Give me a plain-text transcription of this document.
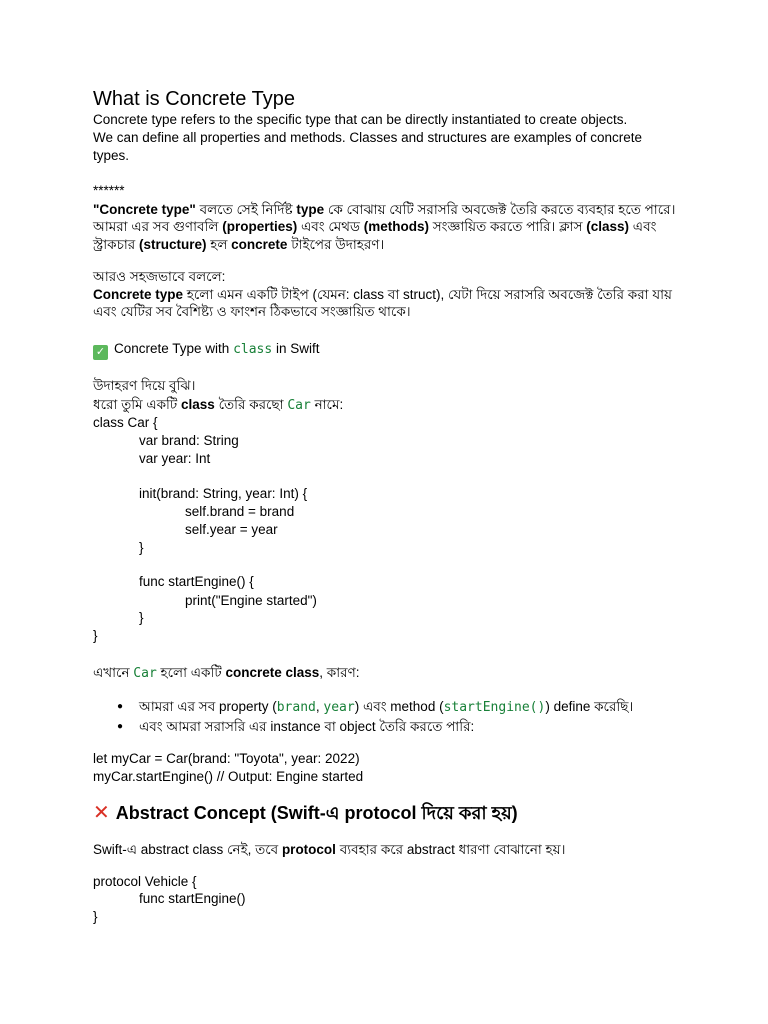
What is Concrete Type
Concrete type refers to the specific type that can be directly instantiated to create objects.
We can define all properties and methods. Classes and structures are examples of concrete
types.
******
"Concrete type" বলতে সেই নির্দিষ্ট type কে বোঝায় যেটি সরাসরি অবজেক্ট তৈরি করতে ব্যবহার হতে পারে।
আমরা এর সব গুণাবলি (properties) এবং মেথড (methods) সংজ্ঞায়িত করতে পারি। ক্লাস (class) এবং
স্ট্রাকচার (structure) হল concrete টাইপের উদাহরণ।
আরও সহজভাবে বললে:
Concrete type হলো এমন একটি টাইপ (যেমন: class বা struct), যেটা দিয়ে সরাসরি অবজেক্ট তৈরি করা যায়
এবং যেটির সব বৈশিষ্ট্য ও ফাংশন ঠিকভাবে সংজ্ঞায়িত থাকে।
✓ Concrete Type with class in Swift
উদাহরণ দিয়ে বুঝি।
ধরো তুমি একটি class তৈরি করছো Car নামে:
class Car {
var brand: String
var year: Int
init(brand: String, year: Int) {
self.brand = brand
self.year = year
}
func startEngine() {
print("Engine started")
}
}
এখানে Car হলো একটি concrete class, কারণ:
● আমরা এর সব property (brand, year) এবং method (startEngine()) define করেছি।
● এবং আমরা সরাসরি এর instance বা object তৈরি করতে পারি:
let myCar = Car(brand: "Toyota", year: 2022)
myCar.startEngine() // Output: Engine started
✕ Abstract Concept (Swift-এ protocol দিয়ে করা হয়)
Swift-এ abstract class নেই, তবে protocol ব্যবহার করে abstract ধারণা বোঝানো হয়।
protocol Vehicle {
func startEngine()
}
